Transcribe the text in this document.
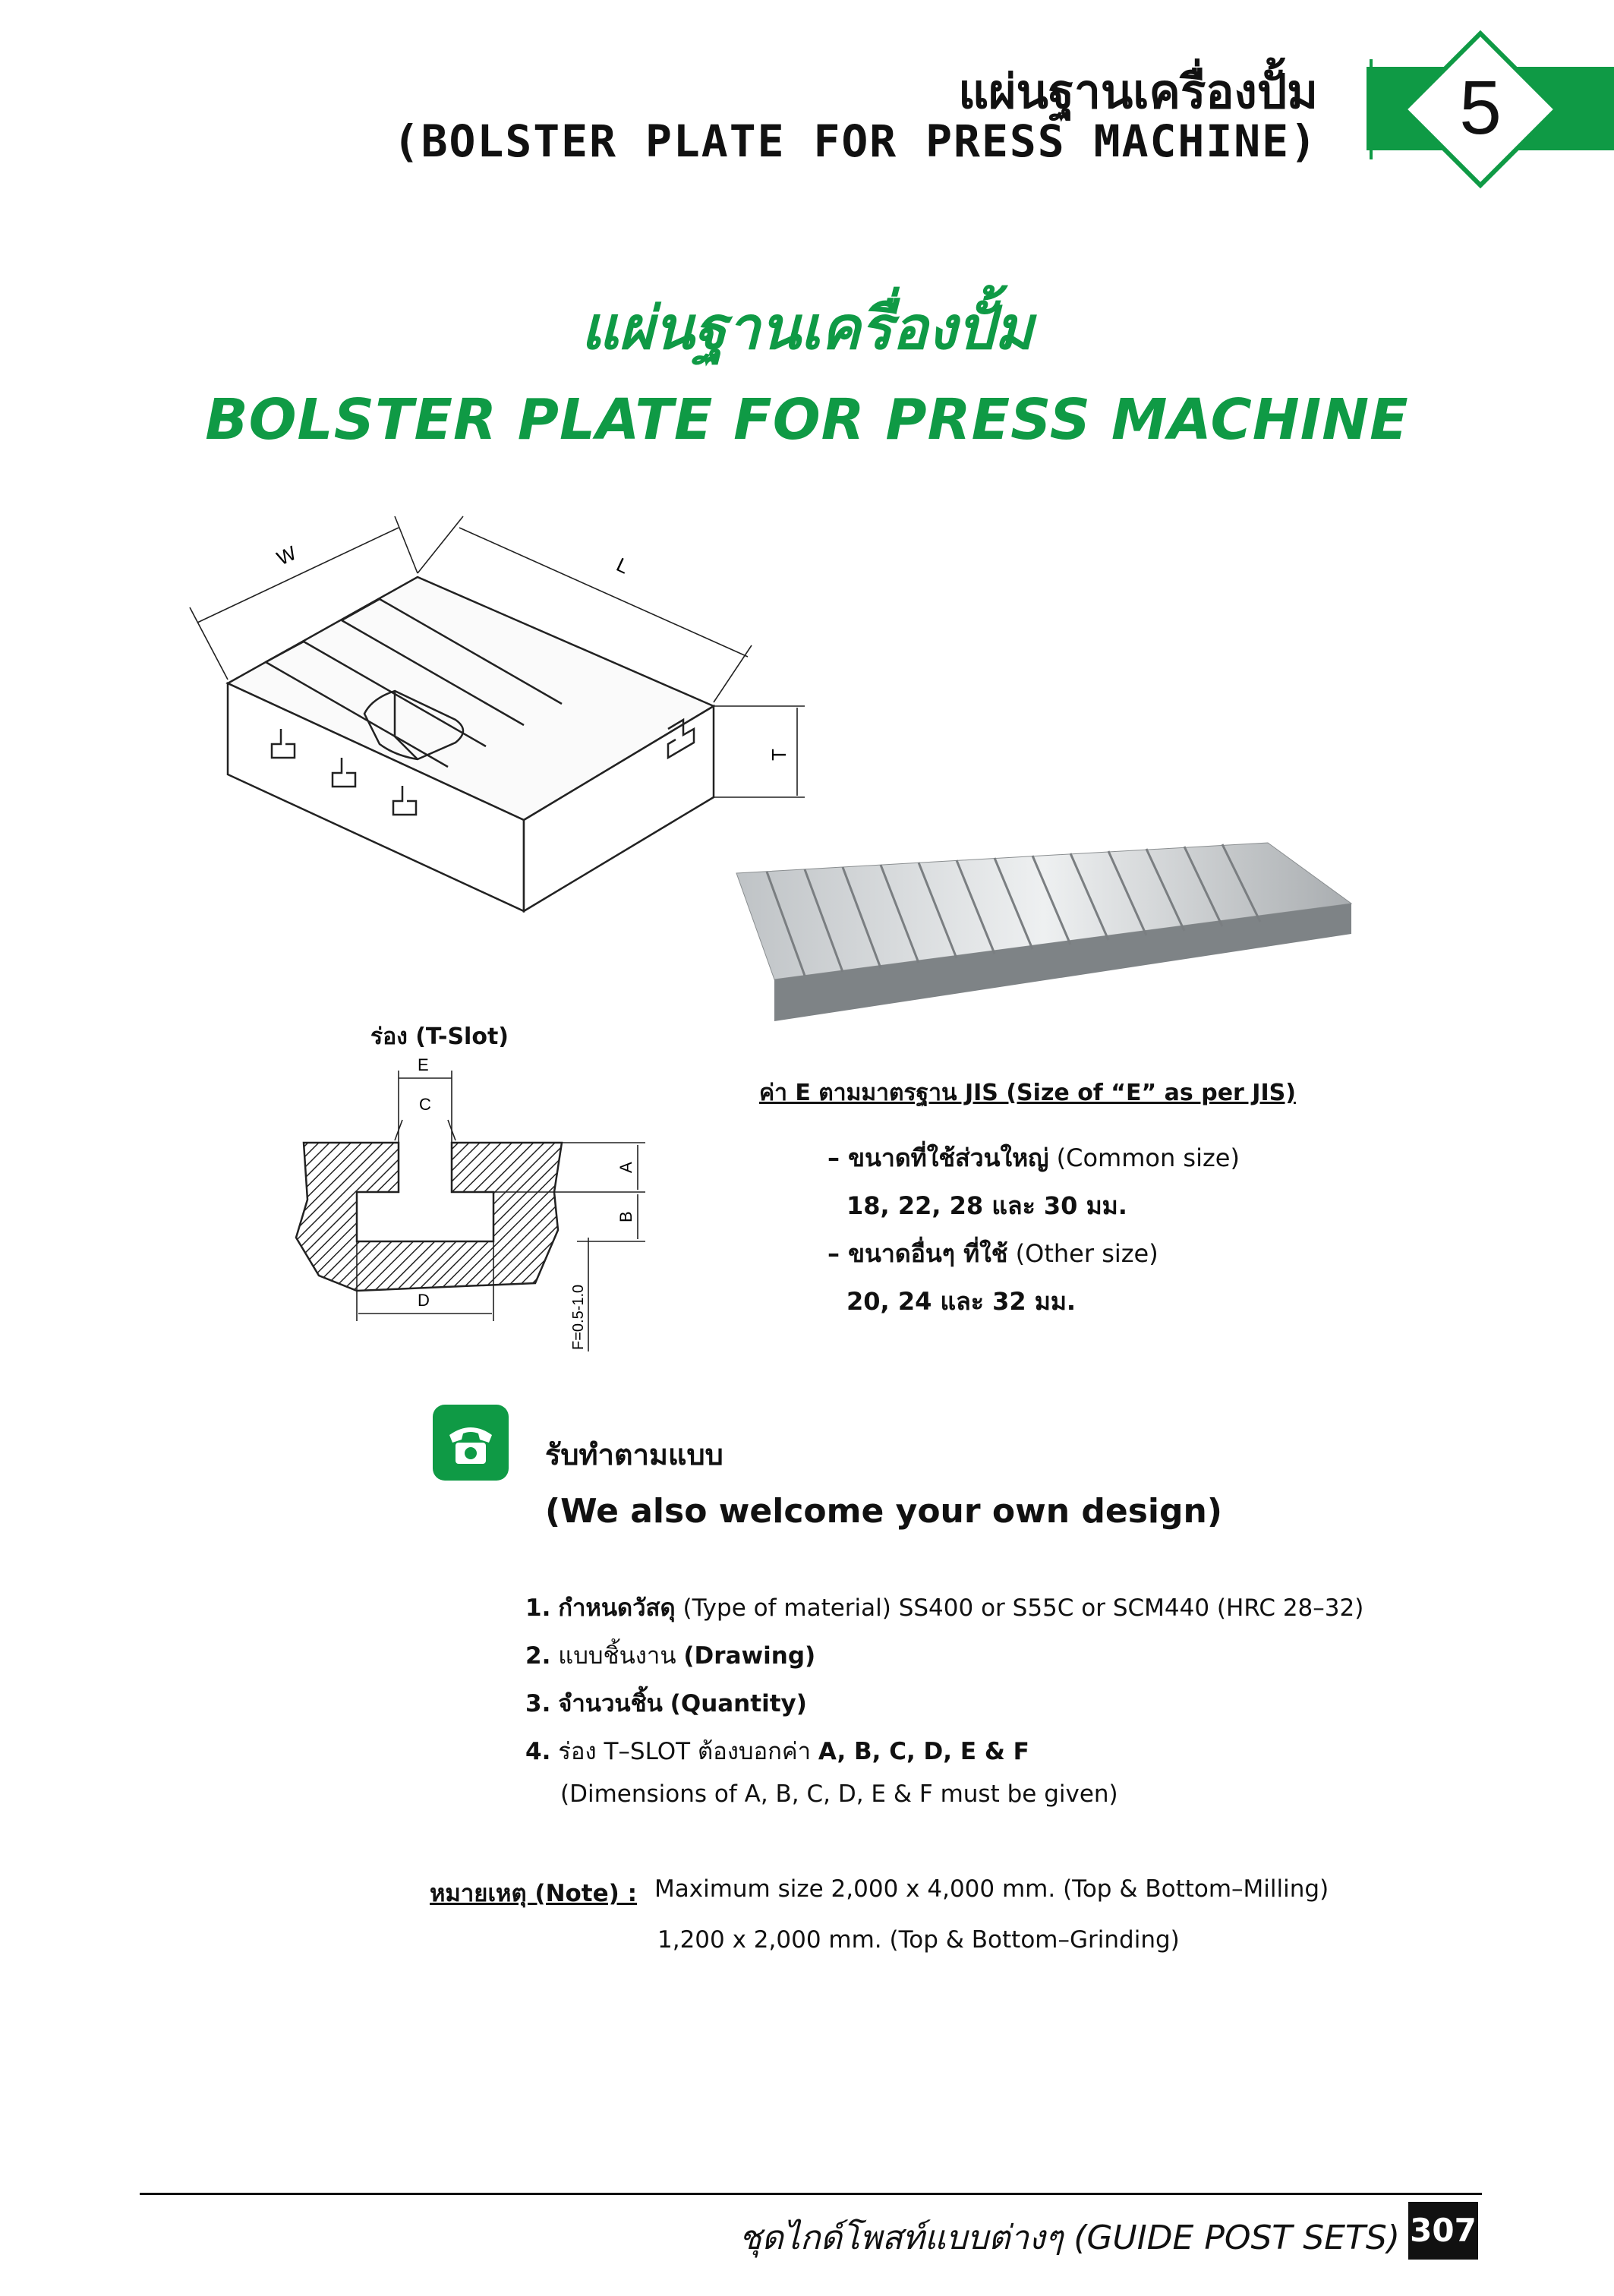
แผ่นฐานเครื่องปั้ม
(BOLSTER PLATE FOR PRESS MACHINE) 5
แผ่นฐานเครื่องปั้ม
BOLSTER PLATE FOR PRESS MACHINE
W	L
T
ร่อง (T-Slot)
E
C
A
B
D	F=0.5-1.0
ค่า E ตามมาตรฐาน JIS (Size of “E” as per JIS)
– ขนาดที่ใช้ส่วนใหญ่ (Common size)
18, 22, 28 และ 30 มม.
– ขนาดอื่นๆ ที่ใช้ (Other size)
20, 24 และ 32 มม.
รับทำตามแบบ
(We also welcome your own design)
1. กำหนดวัสดุ (Type of material) SS400 or S55C or SCM440 (HRC 28–32)
2. แบบชิ้นงาน (Drawing)
3. จำนวนชิ้น (Quantity)
4. ร่อง T–SLOT ต้องบอกค่า A, B, C, D, E & F
(Dimensions of A, B, C, D, E & F must be given)
หมายเหตุ (Note) : Maximum size 2,000 x 4,000 mm. (Top & Bottom–Milling)
1,200 x 2,000 mm. (Top & Bottom–Grinding)
ชุดไกด์โพสท์แบบต่างๆ (GUIDE POST SETS) 307
